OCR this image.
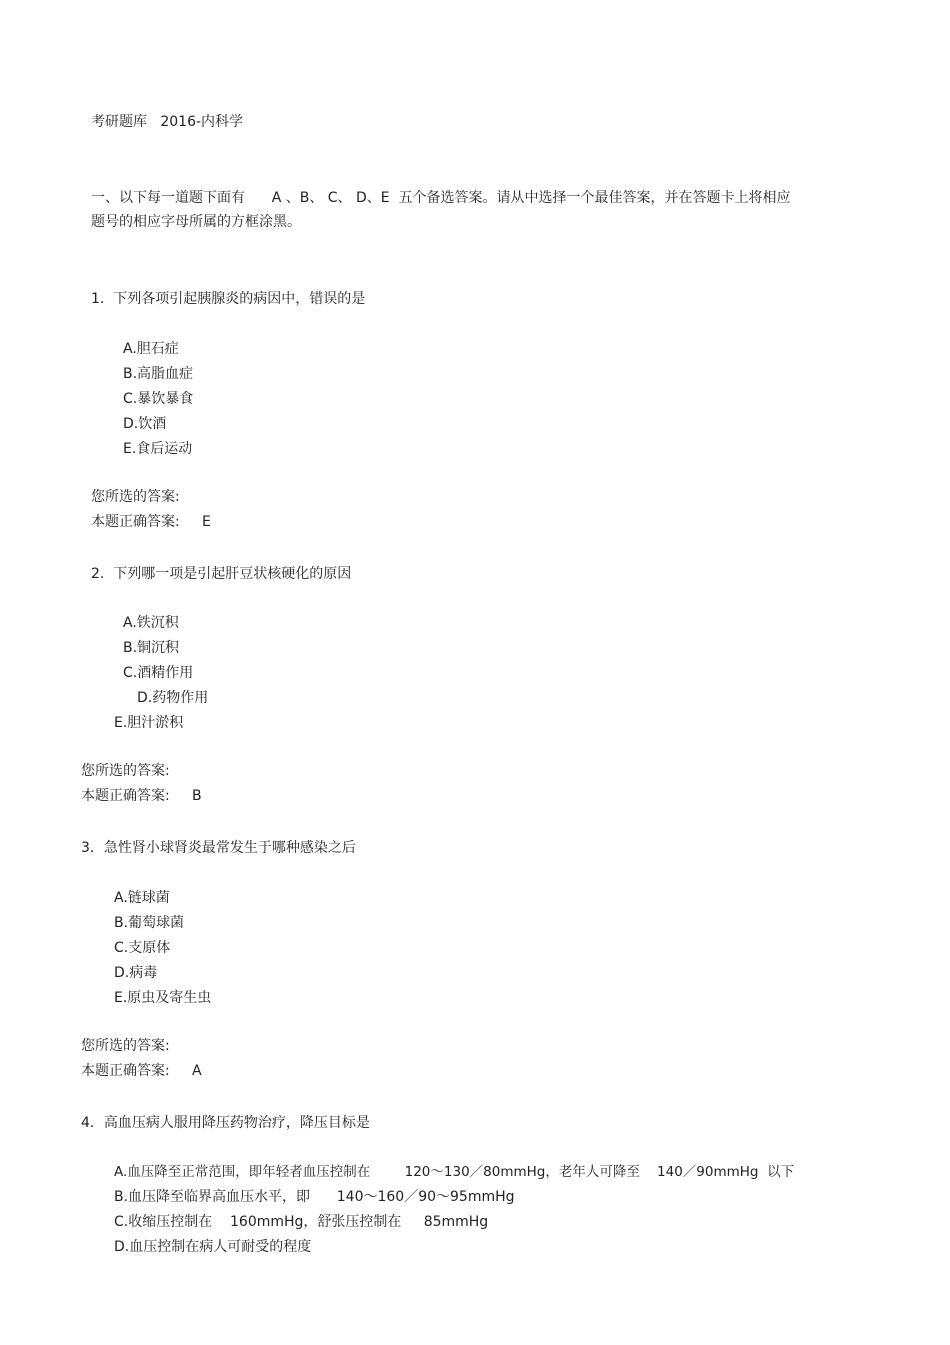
考研题库   2016-内科学
一、以下每一道题下面有      A 、B、 C、 D、E  五个备选答案。请从中选择一个最佳答案，并在答题卡上将相应
题号的相应字母所属的方框涂黑。
1.  下列各项引起胰腺炎的病因中，错误的是
A.胆石症
B.高脂血症
C.暴饮暴食
D.饮酒
E.食后运动
您所选的答案:
本题正确答案:     E
2.  下列哪一项是引起肝豆状核硬化的原因
A.铁沉积
B.铜沉积
C.酒精作用
D.药物作用
E.胆汁淤积
您所选的答案:
本题正确答案:     B
3．急性肾小球肾炎最常发生于哪种感染之后
A.链球菌
B.葡萄球菌
C.支原体
D.病毒
E.原虫及寄生虫
您所选的答案:
本题正确答案:     A
4．高血压病人服用降压药物治疗，降压目标是
A.血压降至正常范围，即年轻者血压控制在        120～130／80mmHg，老年人可降至    140／90mmHg  以下
B.血压降至临界高血压水平，即      140～160／90～95mmHg
C.收缩压控制在    160mmHg，舒张压控制在     85mmHg
D.血压控制在病人可耐受的程度
